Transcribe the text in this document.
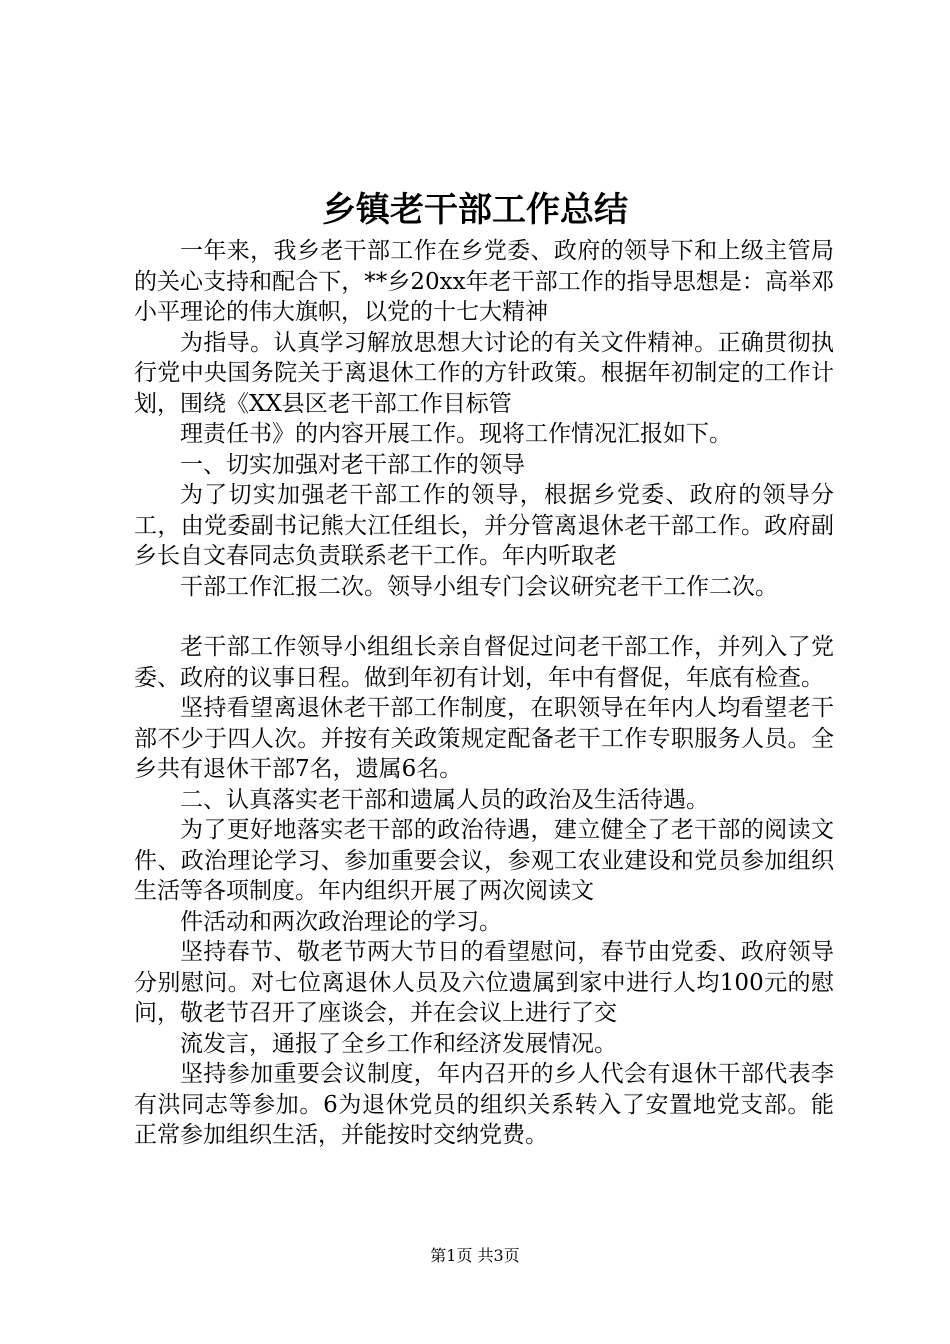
乡镇老干部工作总结

一年来，我乡老干部工作在乡党委、政府的领导下和上级主管局的关心支持和配合下，**乡20xx年老干部工作的指导思想是：高举邓小平理论的伟大旗帜，以党的十七大精神

为指导。认真学习解放思想大讨论的有关文件精神。正确贯彻执行党中央国务院关于离退休工作的方针政策。根据年初制定的工作计划，围绕《XX县区老干部工作目标管

理责任书》的内容开展工作。现将工作情况汇报如下。

一、切实加强对老干部工作的领导

为了切实加强老干部工作的领导，根据乡党委、政府的领导分工，由党委副书记熊大江任组长，并分管离退休老干部工作。政府副乡长自文春同志负责联系老干工作。年内听取老

干部工作汇报二次。领导小组专门会议研究老干工作二次。

老干部工作领导小组组长亲自督促过问老干部工作，并列入了党委、政府的议事日程。做到年初有计划，年中有督促，年底有检查。

坚持看望离退休老干部工作制度，在职领导在年内人均看望老干部不少于四人次。并按有关政策规定配备老干工作专职服务人员。全乡共有退休干部7名，遗属6名。

二、认真落实老干部和遗属人员的政治及生活待遇。

为了更好地落实老干部的政治待遇，建立健全了老干部的阅读文件、政治理论学习、参加重要会议，参观工农业建设和党员参加组织生活等各项制度。年内组织开展了两次阅读文

件活动和两次政治理论的学习。

坚持春节、敬老节两大节日的看望慰问，春节由党委、政府领导分别慰问。对七位离退休人员及六位遗属到家中进行人均100元的慰问，敬老节召开了座谈会，并在会议上进行了交

流发言，通报了全乡工作和经济发展情况。

坚持参加重要会议制度，年内召开的乡人代会有退休干部代表李有洪同志等参加。6为退休党员的组织关系转入了安置地党支部。能正常参加组织生活，并能按时交纳党费。

第1页 共3页
